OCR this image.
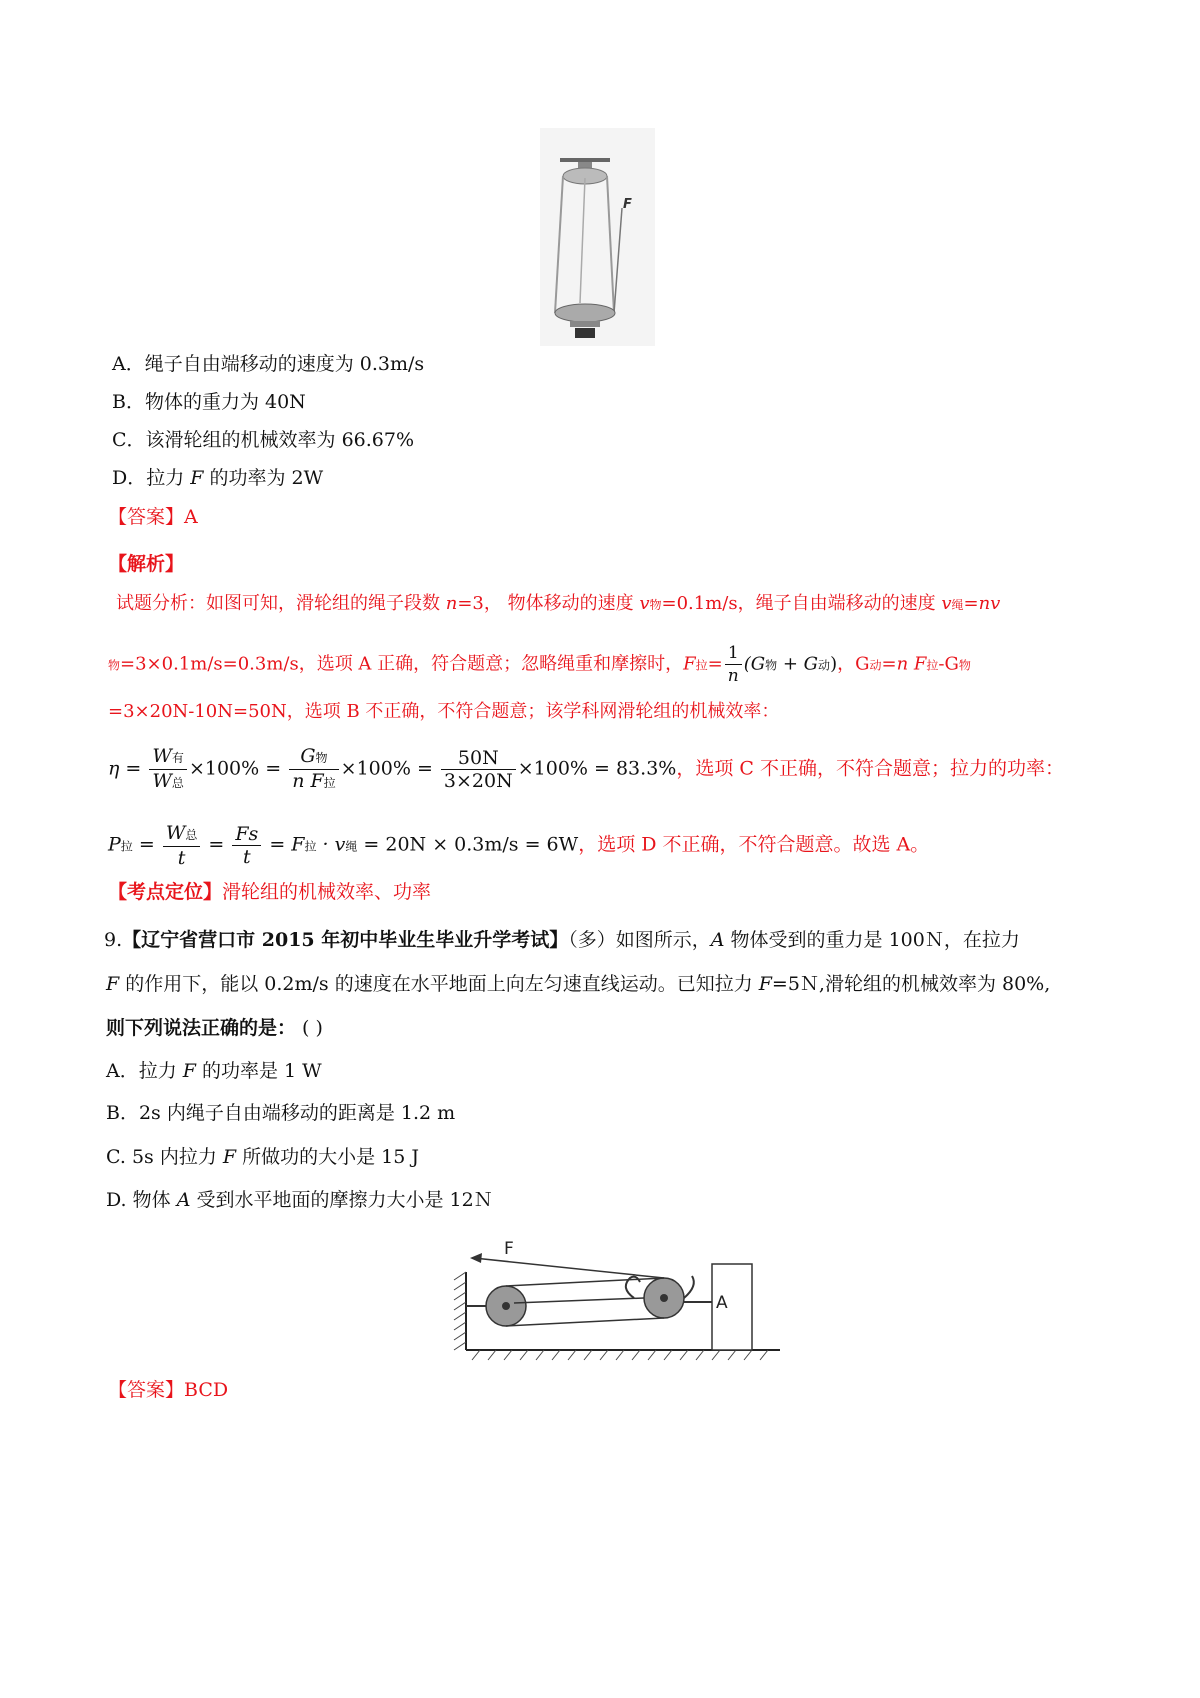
F
A．绳子自由端移动的速度为 0.3m/s
B．物体的重力为 40N
C．该滑轮组的机械效率为 66.67%
D．拉力 F 的功率为 2W
【答案】A
【解析】
试题分析：如图可知，滑轮组的绳子段数 n=3， 物体移动的速度 v物=0.1m/s，绳子自由端移动的速度 v绳=nv
物=3×0.1m/s=0.3m/s，选项 A 正确，符合题意；忽略绳重和摩擦时，F拉= $\frac{1}{n} (G$物 + G动)，G动=n F拉-G物
=3×20N-10N=50N，选项 B 不正确，不符合题意；该学科网滑轮组的机械效率：
$\eta = \frac{\text{W有}}{\text{W总}} \times 100\% = \frac{\text{G物}}{\text{n F拉}} \times 100\% = \frac{50N}{3\times 20N} \times 100\% = 83.3\%$，选项 C 不正确，不符合题意；拉力的功率：
P拉 = $\frac{\text{W总}}{t} = \frac{Fs}{t} = F$拉 · v绳 = 20N × 0.3m/s = 6W，选项 D 不正确，不符合题意。故选 A。
【考点定位】滑轮组的机械效率、功率
9.【辽宁省营口市 2015 年初中毕业生毕业升学考试】（多）如图所示，A 物体受到的重力是 100Ｎ，在拉力
F 的作用下，能以 0.2m/s 的速度在水平地面上向左匀速直线运动。已知拉力 F=5Ｎ,滑轮组的机械效率为 80%,
则下列说法正确的是： ( )
A．拉力 F 的功率是 1 W
B．2s 内绳子自由端移动的距离是 1.2 m
C. 5s 内拉力 F 所做功的大小是 15 J
D. 物体 A 受到水平地面的摩擦力大小是 12Ｎ
F
A
【答案】BCD
